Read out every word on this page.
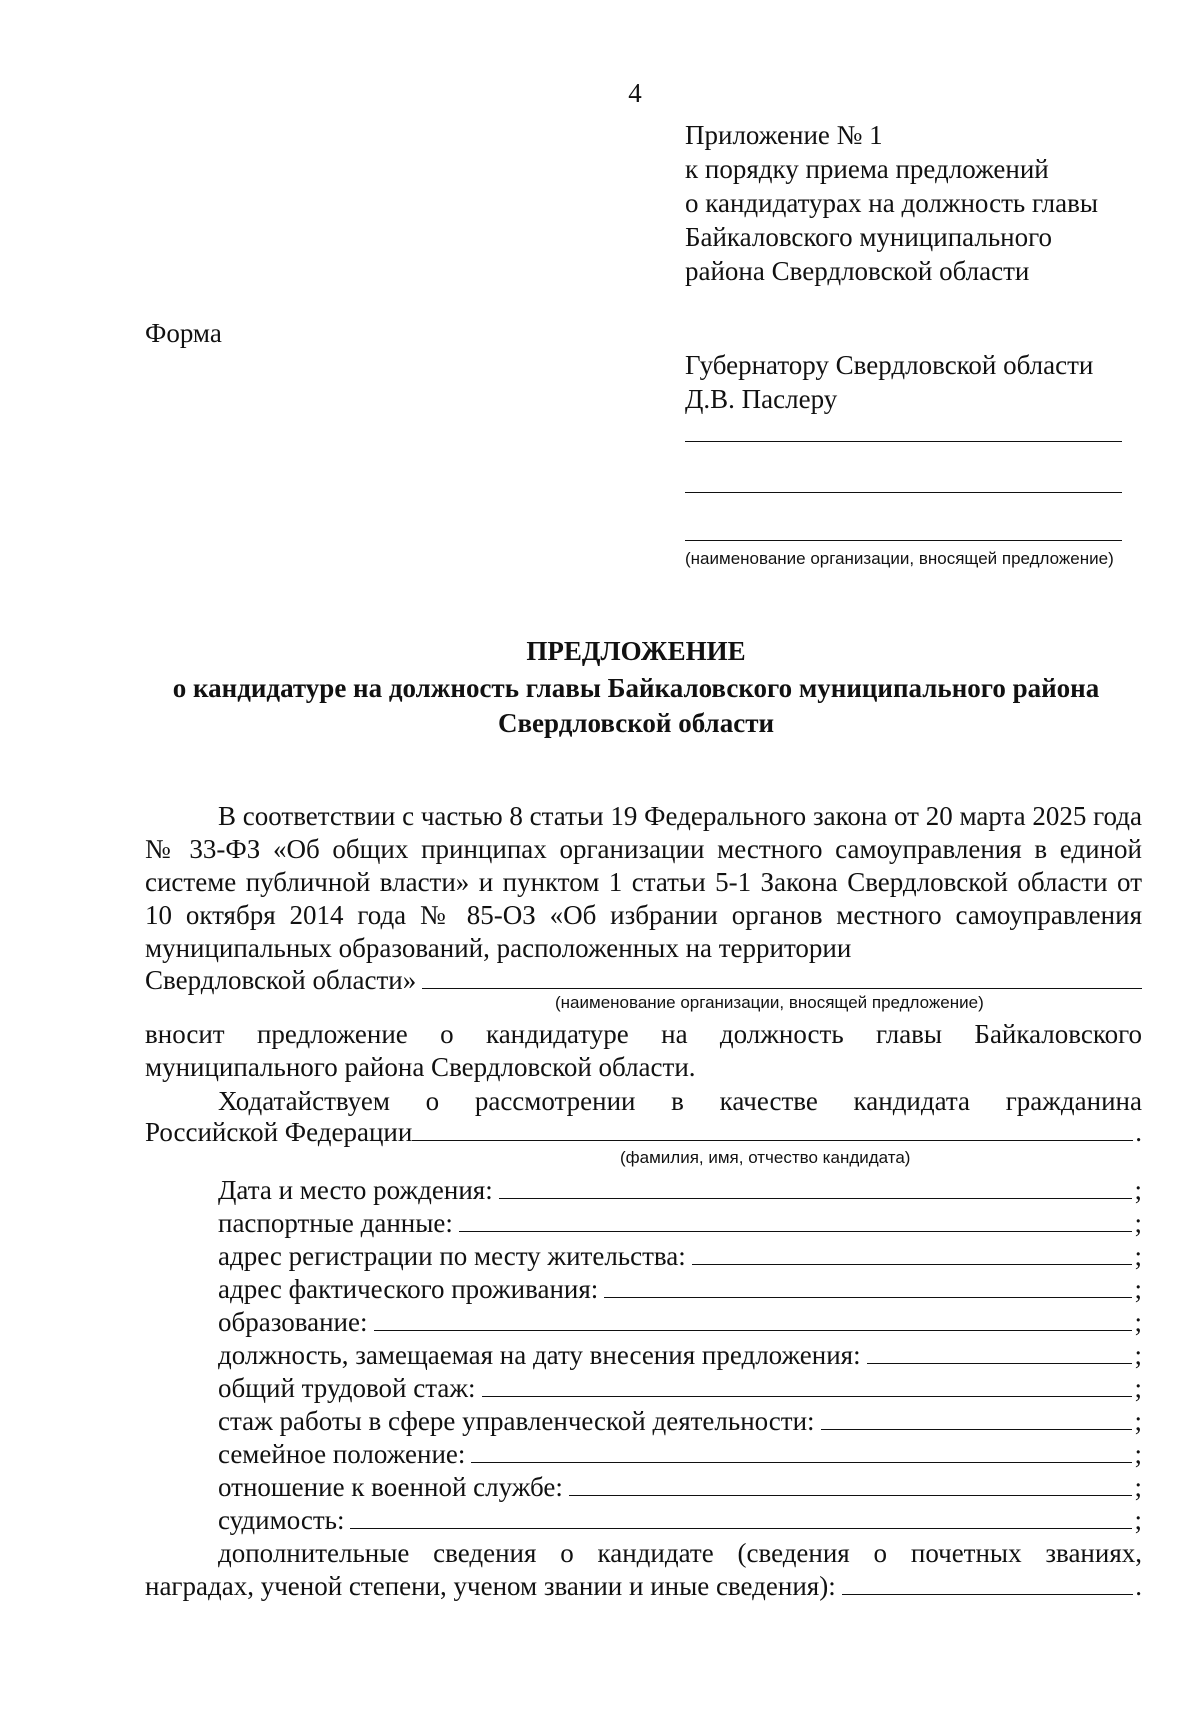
4
Приложение № 1
к порядку приема предложений
о кандидатурах на должность главы
Байкаловского муниципального
района Свердловской области
Форма
Губернатору Свердловской области
Д.В. Паслеру
(наименование организации, вносящей предложение)
ПРЕДЛОЖЕНИЕ
о кандидатуре на должность главы Байкаловского муниципального района
Свердловской области
В соответствии с частью 8 статьи 19 Федерального закона от 20 марта 2025 года № 33-ФЗ «Об общих принципах организации местного самоуправления в единой системе публичной власти» и пунктом 1 статьи 5-1 Закона Свердловской области от 10 октября 2014 года № 85-ОЗ «Об избрании органов местного самоуправления муниципальных образований, расположенных на территории
Свердловской области»
(наименование организации, вносящей предложение)
вносит предложение о кандидатуре на должность главы Байкаловского муниципального района Свердловской области.
Ходатайствуем о рассмотрении в качестве кандидата гражданина
Российской Федерации	.
(фамилия, имя, отчество кандидата)
Дата и место рождения:	;
паспортные данные:	;
адрес регистрации по месту жительства:	;
адрес фактического проживания:	;
образование:	;
должность, замещаемая на дату внесения предложения:	;
общий трудовой стаж:	;
стаж работы в сфере управленческой деятельности:	;
семейное положение:	;
отношение к военной службе:	;
судимость:	;
дополнительные сведения о кандидате (сведения о почетных званиях,
наградах, ученой степени, ученом звании и иные сведения):	.
